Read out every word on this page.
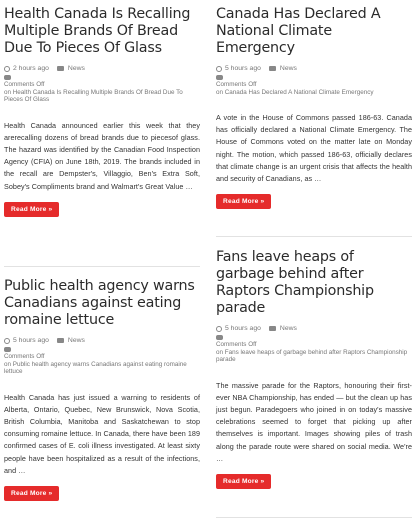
Health Canada Is Recalling Multiple Brands Of Bread Due To Pieces Of Glass
2 hours ago	News
Comments Off
on Health Canada Is Recalling Multiple Brands Of Bread Due To Pieces Of Glass
Health Canada announced earlier this week that they arerecalling dozens of bread brands due to piecesof glass. The hazard was identified by the Canadian Food Inspection Agency (CFIA) on June 18th, 2019. The brands included in the recall are Dempster's, Villaggio, Ben's Extra Soft, Sobey's Compliments brand and Walmart's Great Value …
Read More »
Public health agency warns Canadians against eating romaine lettuce
5 hours ago	News
Comments Off
on Public health agency warns Canadians against eating romaine lettuce
Health Canada has just issued a warning to residents of Alberta, Ontario, Quebec, New Brunswick, Nova Scotia, British Columbia, Manitoba and Saskatchewan to stop consuming romaine lettuce. In Canada, there have been 189 confirmed cases of E. coli illness investigated. At least sixty people have been hospitalized as a result of the infections, and …
Read More »
Canada Has Declared A National Climate Emergency
5 hours ago	News
Comments Off
on Canada Has Declared A National Climate Emergency
A vote in the House of Commons passed 186-63. Canada has officially declared a National Climate Emergency. The House of Commons voted on the matter late on Monday night. The motion, which passed 186-63, officially declares that climate change is an urgent crisis that affects the health and security of Canadians, as …
Read More »
Fans leave heaps of garbage behind after Raptors Championship parade
5 hours ago	News
Comments Off
on Fans leave heaps of garbage behind after Raptors Championship parade
The massive parade for the Raptors, honouring their first-ever NBA Championship, has ended — but the clean up has just begun. Paradegoers who joined in on today's massive celebrations seemed to forget that picking up after themselves is important. Images showing piles of trash along the parade route were shared on social media. We're …
Read More »
